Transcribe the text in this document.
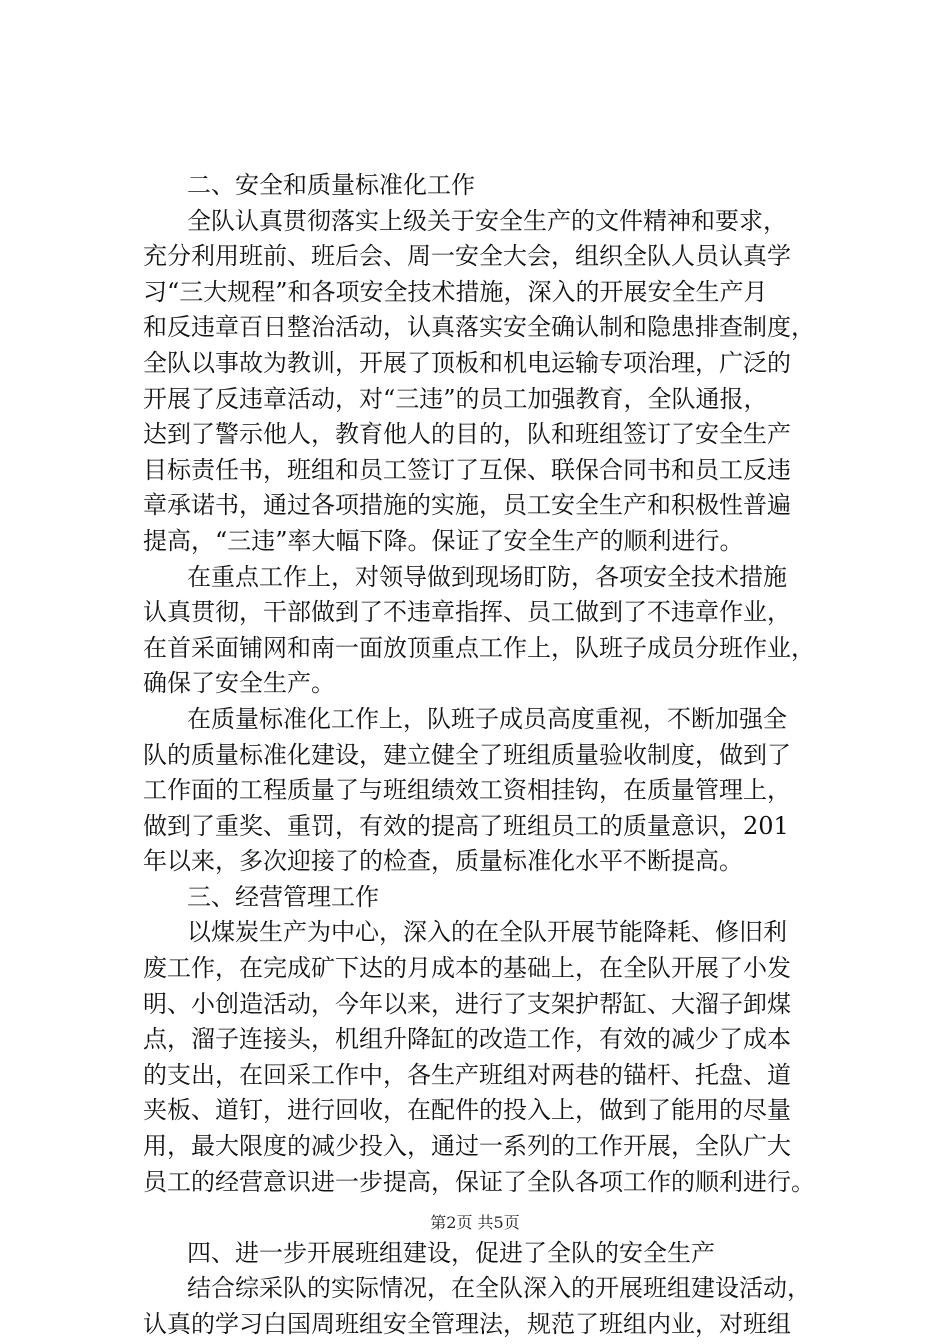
二、安全和质量标准化工作
全队认真贯彻落实上级关于安全生产的文件精神和要求，
充分利用班前、班后会、周一安全大会，组织全队人员认真学
习“三大规程”和各项安全技术措施，深入的开展安全生产月
和反违章百日整治活动，认真落实安全确认制和隐患排查制度，
全队以事故为教训，开展了顶板和机电运输专项治理，广泛的
开展了反违章活动，对“三违”的员工加强教育，全队通报，
达到了警示他人，教育他人的目的，队和班组签订了安全生产
目标责任书，班组和员工签订了互保、联保合同书和员工反违
章承诺书，通过各项措施的实施，员工安全生产和积极性普遍
提高，“三违”率大幅下降。保证了安全生产的顺利进行。
在重点工作上，对领导做到现场盯防，各项安全技术措施
认真贯彻，干部做到了不违章指挥、员工做到了不违章作业，
在首采面铺网和南一面放顶重点工作上，队班子成员分班作业，
确保了安全生产。
在质量标准化工作上，队班子成员高度重视，不断加强全
队的质量标准化建设，建立健全了班组质量验收制度，做到了
工作面的工程质量了与班组绩效工资相挂钩，在质量管理上，
做到了重奖、重罚，有效的提高了班组员工的质量意识，201
年以来，多次迎接了的检查，质量标准化水平不断提高。
三、经营管理工作
以煤炭生产为中心，深入的在全队开展节能降耗、修旧利
废工作，在完成矿下达的月成本的基础上，在全队开展了小发
明、小创造活动，今年以来，进行了支架护帮缸、大溜子卸煤
点，溜子连接头，机组升降缸的改造工作，有效的减少了成本
的支出，在回采工作中，各生产班组对两巷的锚杆、托盘、道
夹板、道钉，进行回收，在配件的投入上，做到了能用的尽量
用，最大限度的减少投入，通过一系列的工作开展，全队广大
员工的经营意识进一步提高，保证了全队各项工作的顺利进行。
四、进一步开展班组建设，促进了全队的安全生产
结合综采队的实际情况，在全队深入的开展班组建设活动，
认真的学习白国周班组安全管理法，规范了班组内业，对班组
第2页 共5页
